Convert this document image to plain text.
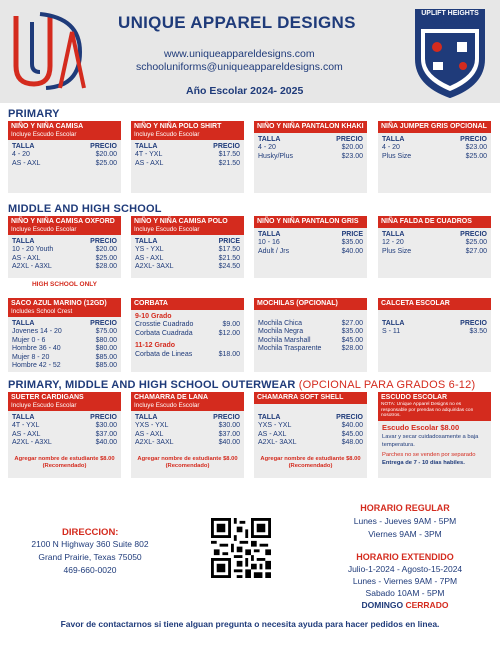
UNIQUE APPAREL DESIGNS
www.uniqueappareldesigns.com
schooluniforms@uniqueappareldesigns.com
Año Escolar 2024- 2025
UPLIFT HEIGHTS
PREPARATORY
PRIMARY
MIDDLE AND HIGH SCHOOL
PRIMARY, MIDDLE AND HIGH SCHOOL OUTERWEAR (OPCIONAL PARA GRADOS 6-12)
NIÑO Y NIÑA CAMISA
Incluye Escudo Escolar
TALLA	PRECIO
4 - 20	$20.00
AS - AXL	$25.00
NIÑO Y NIÑA POLO SHIRT
Incluye Escudo Escolar
TALLA	PRECIO
4T - YXL	$17.50
AS - AXL	$21.50
NIÑO Y NIÑA PANTALON KHAKI
TALLA	PRECIO
4 - 20	$20.00
Husky/Plus	$23.00
NIÑA JUMPER GRIS OPCIONAL
TALLA	PRECIO
4 - 20	$23.00
Plus Size	$25.00
NIÑO Y NIÑA CAMISA OXFORD
Incluye Escudo Escolar
TALLA	PRECIO
10 - 20 Youth	$20.00
AS - AXL	$25.00
A2XL - A3XL	$28.00
HIGH SCHOOL ONLY
NIÑO Y NIÑA CAMISA POLO
Incluye Escudo Escolar
TALLA	PRICE
YS - YXL	$17.50
AS - AXL	$21.50
A2XL- 3AXL	$24.50
NIÑO Y NIÑA PANTALON GRIS
TALLA	PRICE
10 - 16	$35.00
Adult / Jrs	$40.00
NIÑA FALDA DE CUADROS
TALLA	PRECIO
12 - 20	$25.00
Plus Size	$27.00
SACO AZUL MARINO (12GD)
Includes School Crest
TALLA	PRECIO
Jovenes 14 - 20	$75.00
Mujer 0 - 6	$80.00
Hombre 36 - 40	$80.00
Mujer 8 - 20	$85.00
Hombre 42 - 52	$85.00
CORBATA
9-10 Grado
Crosstie Cuadrado	$9.00
Corbata Cuadrada	$12.00
11-12 Grado
Corbata de Lineas	$18.00
MOCHILAS (OPCIONAL)
Mochila Chica	$27.00
Mochila Negra	$35.00
Mochila Marshall	$45.00
Mochila Trasparente	$28.00
CALCETA ESCOLAR
TALLA	PRECIO
S - 11	$3.50
SUETER CARDIGANS
Incluye Escudo Escolar
TALLA	PRECIO
4T - YXL	$30.00
AS - AXL	$37.00
A2XL - A3XL	$40.00
Agregar nombre de estudiante $8.00 (Recomendado)
CHAMARRA DE LANA
Incluye Escudo Escolar
TALLA	PRECIO
YXS - YXL	$30.00
AS - AXL	$37.00
A2XL- 3AXL	$40.00
Agregar nombre de estudiante $8.00 (Recomendado)
CHAMARRA SOFT SHELL
TALLA	PRECIO
YXS - YXL	$40.00
AS - AXL	$45.00
A2XL- 3AXL	$48.00
Agregar nombre de estudiante $8.00 (Recomendado)
ESCUDO ESCOLAR
NOTA: Unique Apparel Designs no es responsable por prendas no adquiridas con nosotros.
Escudo Escolar $8.00
Lavar y secar cuidadosamente a baja temperatura.
Parches no se venden por separado
Entrega de 7 - 10 días habiles.
DIRECCION:
2100 N Highway 360 Suite 802
Grand Prairie, Texas 75050
469-660-0020
HORARIO REGULAR
Lunes - Jueves 9AM - 5PM
Viernes 9AM - 3PM
HORARIO EXTENDIDO
Julio-1-2024 - Agosto-15-2024
Lunes - Viernes 9AM - 7PM
Sabado 10AM - 5PM
DOMINGO CERRADO
Favor de contactarnos si tiene alguan pregunta o necesita ayuda para hacer pedidos en linea.
